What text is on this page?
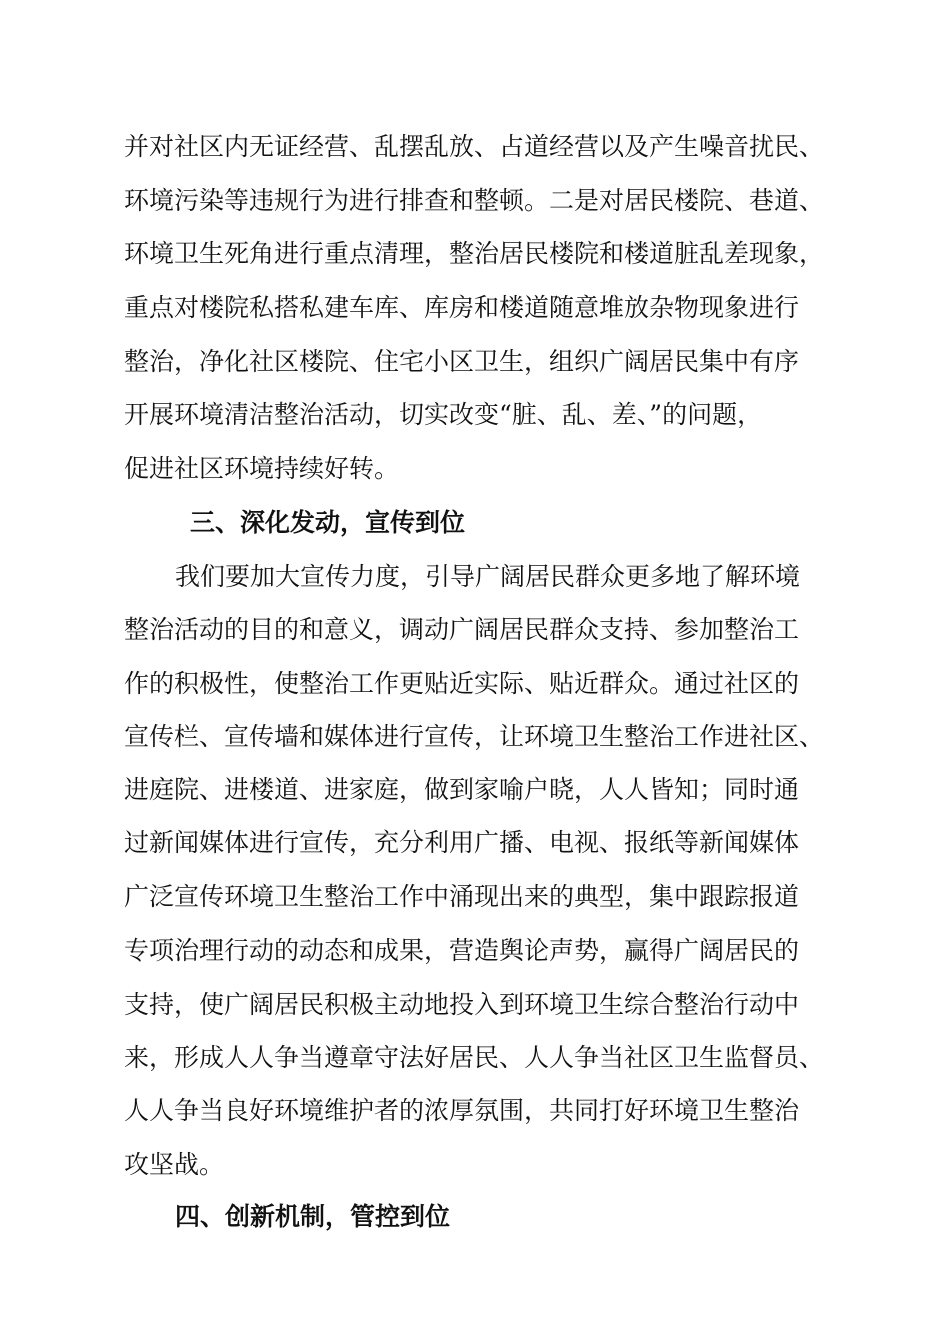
并对社区内无证经营、乱摆乱放、占道经营以及产生噪音扰民、
环境污染等违规行为进行排查和整顿。二是对居民楼院、巷道、
环境卫生死角进行重点清理，整治居民楼院和楼道脏乱差现象，
重点对楼院私搭私建车库、库房和楼道随意堆放杂物现象进行
整治，净化社区楼院、住宅小区卫生，组织广阔居民集中有序
开展环境清洁整治活动，切实改变“脏、乱、差、”的问题，
促进社区环境持续好转。
三、深化发动，宣传到位
我们要加大宣传力度，引导广阔居民群众更多地了解环境
整治活动的目的和意义，调动广阔居民群众支持、参加整治工
作的积极性，使整治工作更贴近实际、贴近群众。通过社区的
宣传栏、宣传墙和媒体进行宣传，让环境卫生整治工作进社区、
进庭院、进楼道、进家庭，做到家喻户晓，人人皆知；同时通
过新闻媒体进行宣传，充分利用广播、电视、报纸等新闻媒体
广泛宣传环境卫生整治工作中涌现出来的典型，集中跟踪报道
专项治理行动的动态和成果，营造舆论声势，赢得广阔居民的
支持，使广阔居民积极主动地投入到环境卫生综合整治行动中
来，形成人人争当遵章守法好居民、人人争当社区卫生监督员、
人人争当良好环境维护者的浓厚氛围，共同打好环境卫生整治
攻坚战。
四、创新机制，管控到位
